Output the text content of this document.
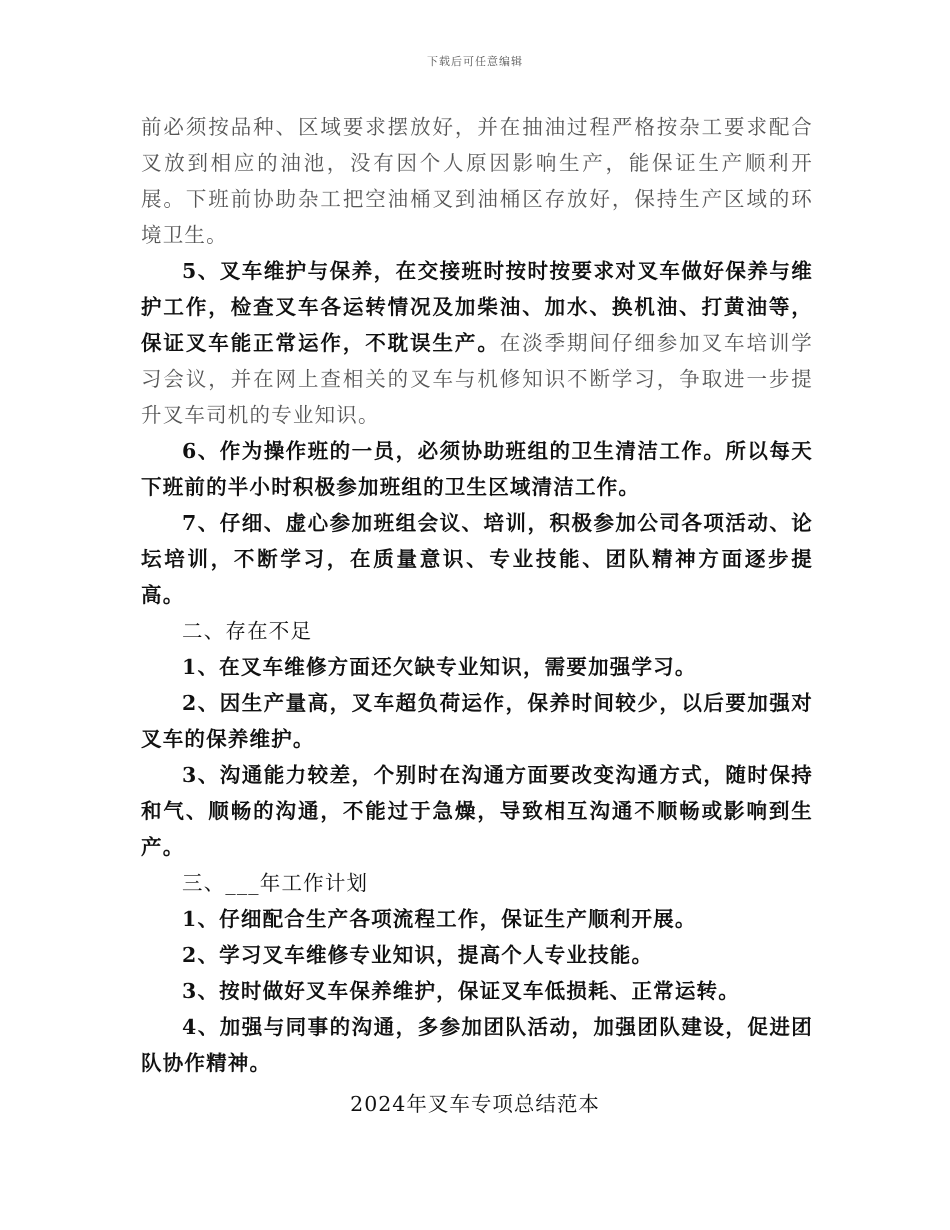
下载后可任意编辑

前必须按品种、区域要求摆放好，并在抽油过程严格按杂工要求配合叉放到相应的油池，没有因个人原因影响生产，能保证生产顺利开展。下班前协助杂工把空油桶叉到油桶区存放好，保持生产区域的环境卫生。

5、叉车维护与保养，在交接班时按时按要求对叉车做好保养与维护工作，检查叉车各运转情况及加柴油、加水、换机油、打黄油等，保证叉车能正常运作，不耽误生产。在淡季期间仔细参加叉车培训学习会议，并在网上查相关的叉车与机修知识不断学习，争取进一步提升叉车司机的专业知识。

6、作为操作班的一员，必须协助班组的卫生清洁工作。所以每天下班前的半小时积极参加班组的卫生区域清洁工作。

7、仔细、虚心参加班组会议、培训，积极参加公司各项活动、论坛培训，不断学习，在质量意识、专业技能、团队精神方面逐步提高。

二、存在不足

1、在叉车维修方面还欠缺专业知识，需要加强学习。

2、因生产量高，叉车超负荷运作，保养时间较少，以后要加强对叉车的保养维护。

3、沟通能力较差，个别时在沟通方面要改变沟通方式，随时保持和气、顺畅的沟通，不能过于急燥，导致相互沟通不顺畅或影响到生产。

三、___年工作计划

1、仔细配合生产各项流程工作，保证生产顺利开展。

2、学习叉车维修专业知识，提高个人专业技能。

3、按时做好叉车保养维护，保证叉车低损耗、正常运转。

4、加强与同事的沟通，多参加团队活动，加强团队建设，促进团队协作精神。

2024年叉车专项总结范本
